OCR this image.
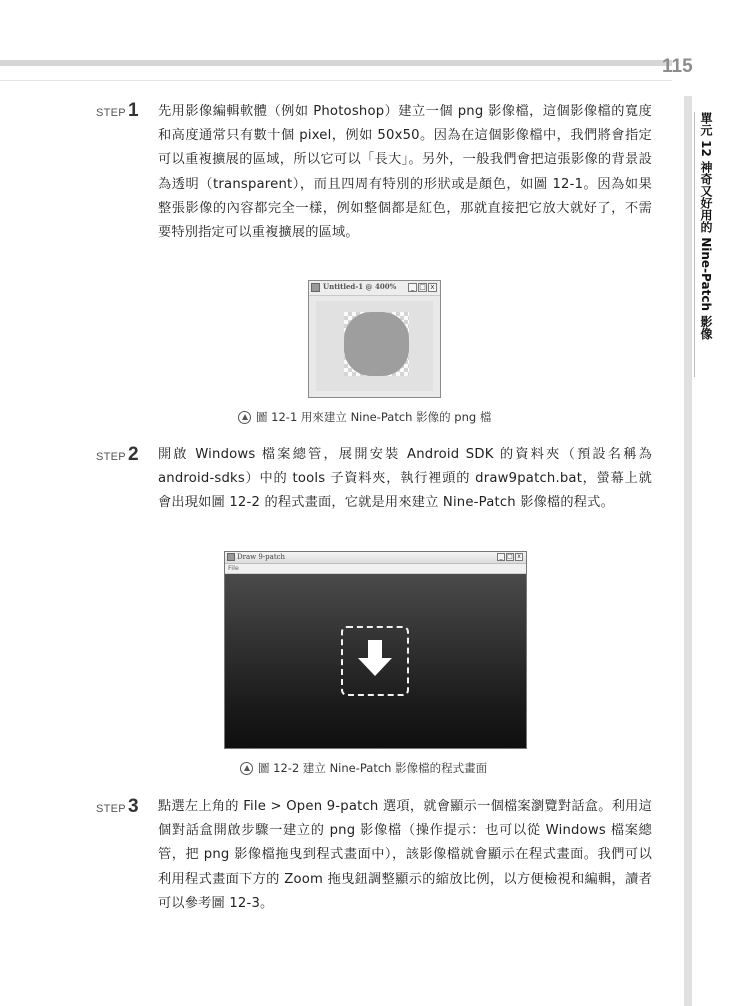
115
單元 12 神奇又好用的 Nine-Patch 影像
STEP 1 先用影像編輯軟體（例如 Photoshop）建立一個 png 影像檔，這個影像檔的寬度和高度通常只有數十個 pixel，例如 50x50。因為在這個影像檔中，我們將會指定可以重複擴展的區域，所以它可以「長大」。另外，一般我們會把這張影像的背景設為透明（transparent），而且四周有特別的形狀或是顏色，如圖 12-1。因為如果整張影像的內容都完全一樣，例如整個都是紅色，那就直接把它放大就好了，不需要特別指定可以重複擴展的區域。
Untitled-1 @ 400%	_ □ x
圖 12-1 用來建立 Nine-Patch 影像的 png 檔
STEP 2 開啟 Windows 檔案總管，展開安裝 Android SDK 的資料夾（預設名稱為 android-sdks）中的 tools 子資料夾，執行裡頭的 draw9patch.bat，螢幕上就會出現如圖 12-2 的程式畫面，它就是用來建立 Nine-Patch 影像檔的程式。
Draw 9-patch	_ □ x
File
圖 12-2 建立 Nine-Patch 影像檔的程式畫面
STEP 3 點選左上角的 File > Open 9-patch 選項，就會顯示一個檔案瀏覽對話盒。利用這個對話盒開啟步驟一建立的 png 影像檔（操作提示：也可以從 Windows 檔案總管，把 png 影像檔拖曳到程式畫面中），該影像檔就會顯示在程式畫面。我們可以利用程式畫面下方的 Zoom 拖曳鈕調整顯示的縮放比例，以方便檢視和編輯，讀者可以參考圖 12-3。
